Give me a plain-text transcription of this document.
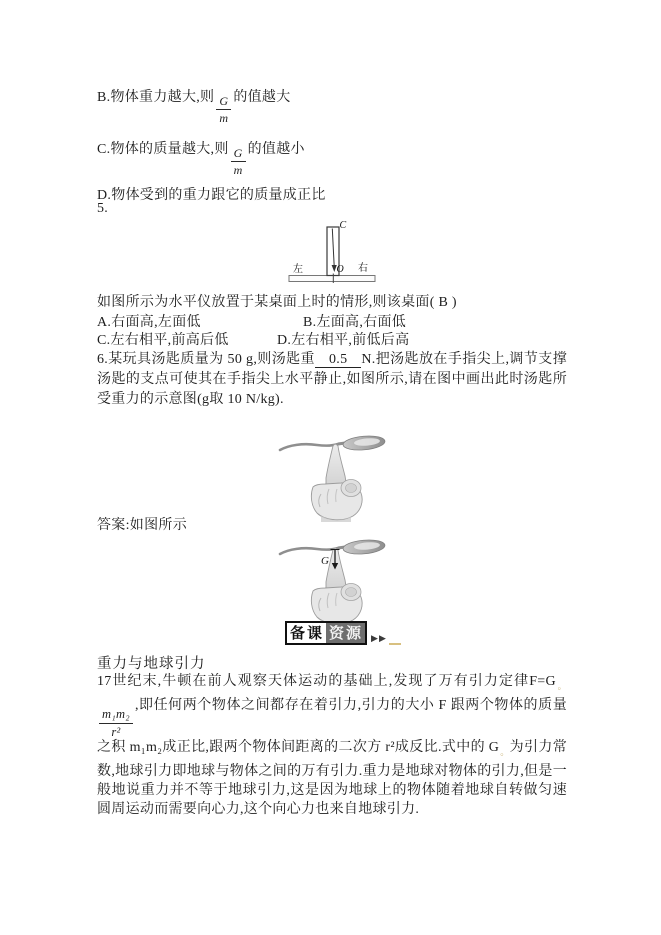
B.物体重力越大,则 $\frac{G}{m}$ 的值越大
C.物体的质量越大,则 $\frac{G}{m}$ 的值越小
D.物体受到的重力跟它的质量成正比
5.
C
左	O 右
如图所示为水平仪放置于某桌面上时的情形,则该桌面( B )
A.右面高,左面低	B.左面高,右面低
C.左右相平,前高后低	D.左右相平,前低后高
6.某玩具汤匙质量为 50 g,则汤匙重 0.5 N.把汤匙放在手指尖上,调节支撑汤匙的支点可使其在手指尖上水平静止,如图所示,请在图中画出此时汤匙所受重力的示意图(g取 10 N/kg).
答案:如图所示
G
备课 资源 ▶▶
重力与地球引力
17世纪末,牛顿在前人观察天体运动的基础上,发现了万有引力定律$F=G_。$
$\frac{\text{m₁m₂}}{\text{r²}}$
,即任何两个物体之间都存在着引力,引力的大小 F 跟两个物体的质量之积 m₁m₂成正比,跟两个物体间距离的二次方 r²成反比.式中的 $G_。$为引力常数,地球引力即地球与物体之间的万有引力.重力是地球对物体的引力,但是一般地说重力并不等于地球引力,这是因为地球上的物体随着地球自转做匀速圆周运动而需要向心力,这个向心力也来自地球引力.
